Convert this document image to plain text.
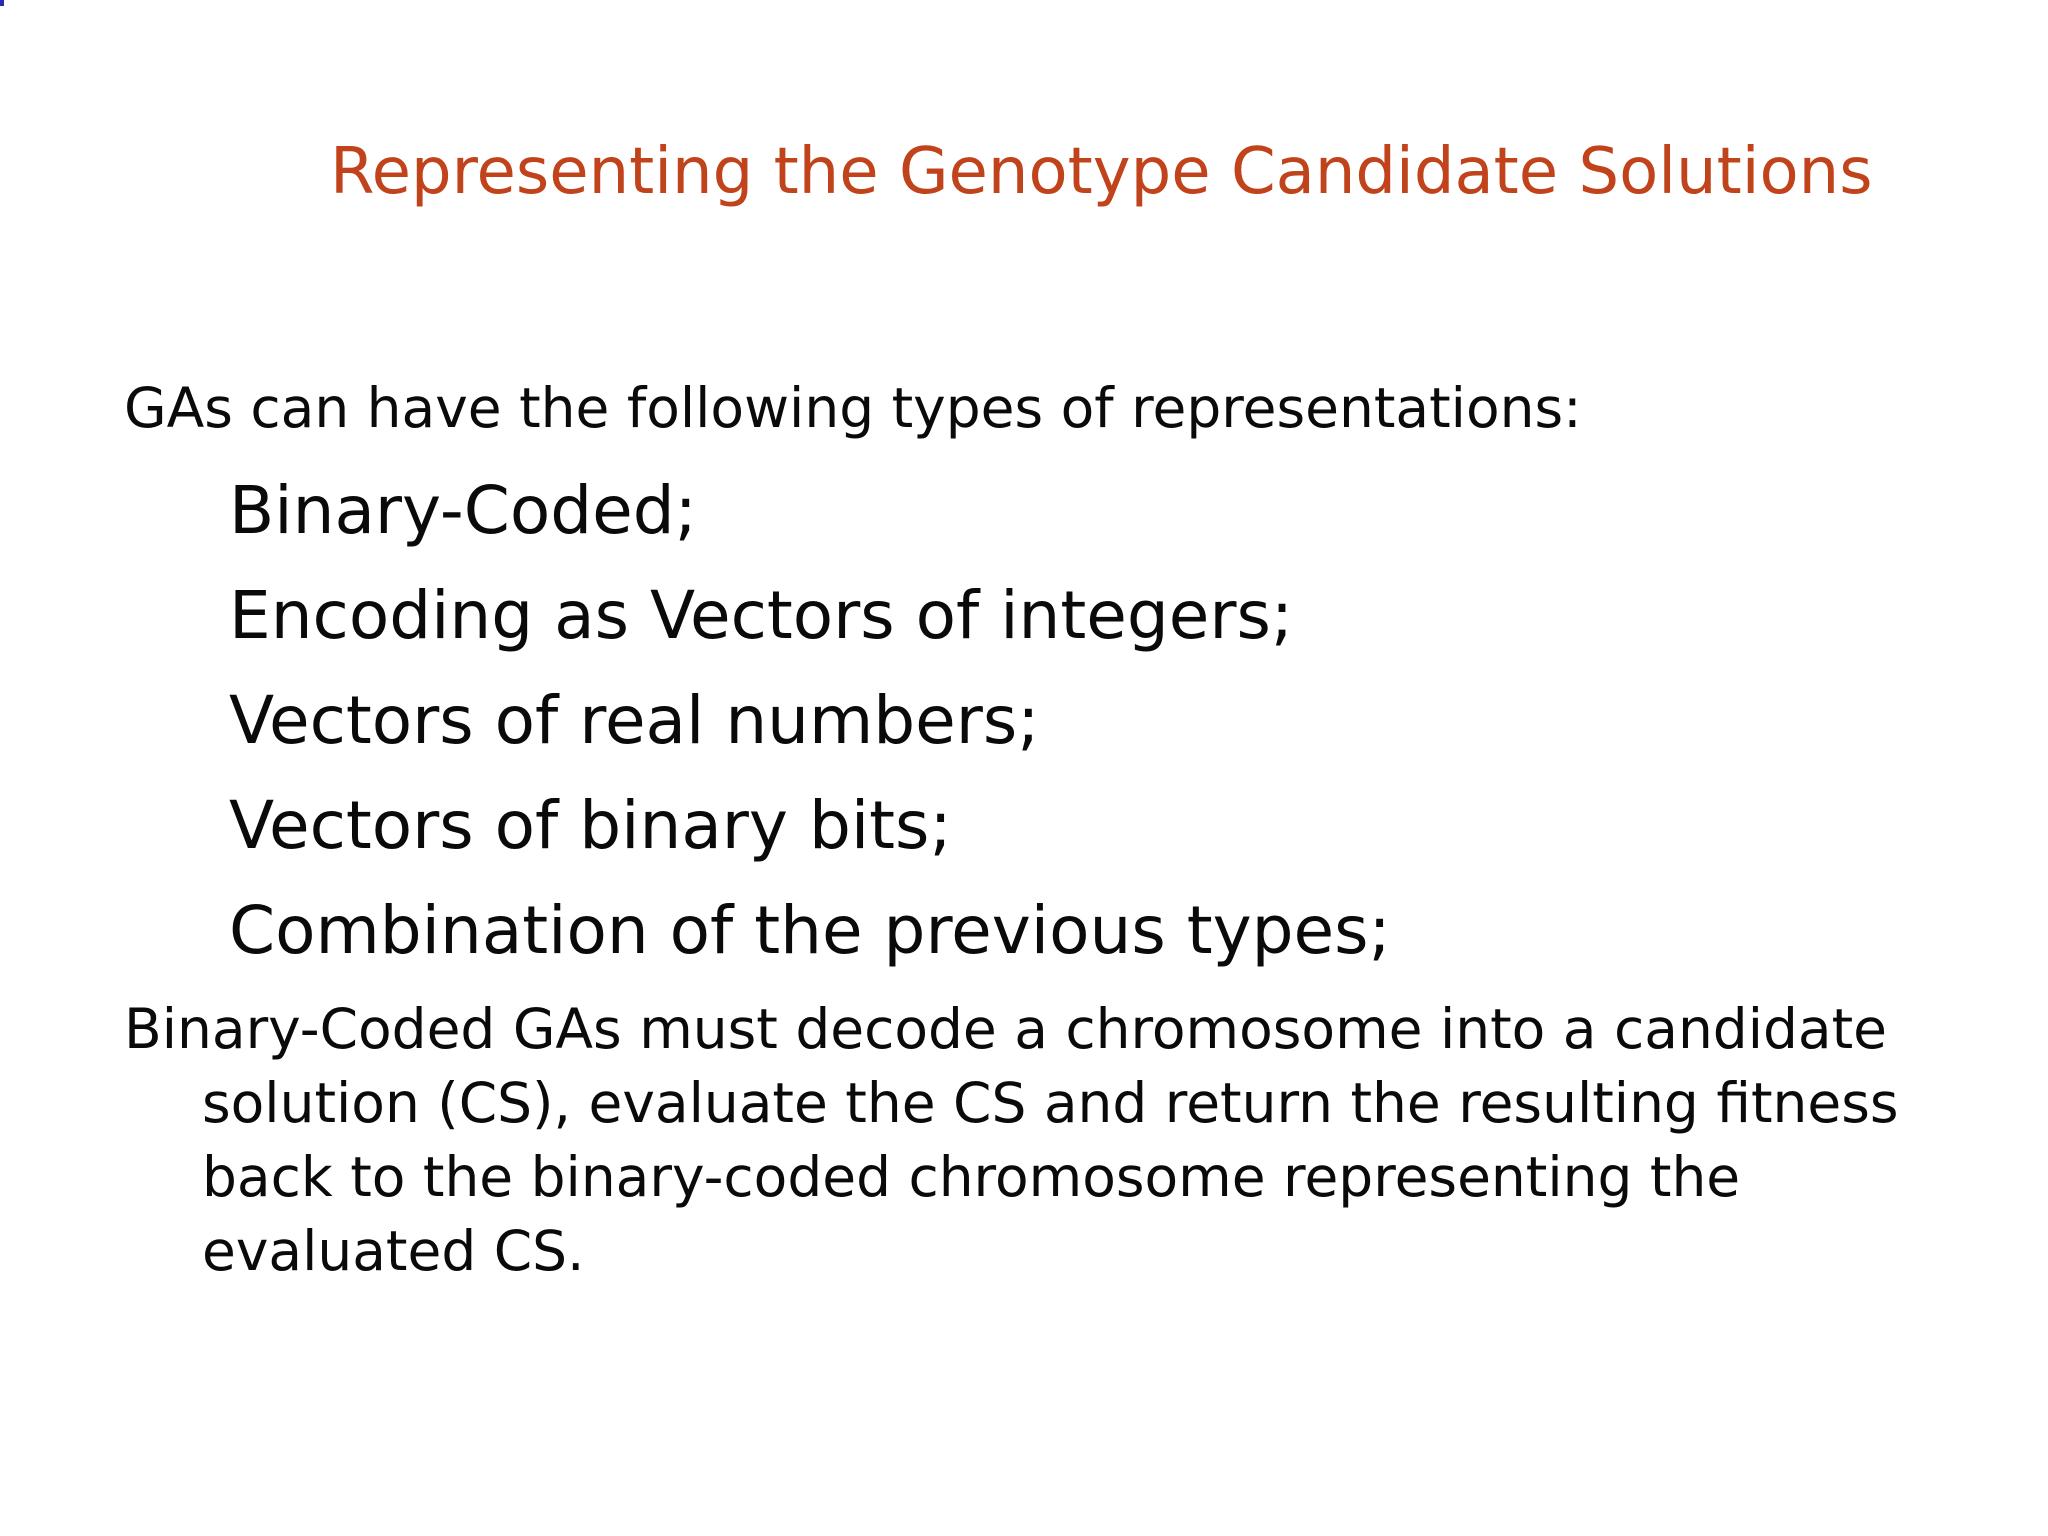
Representing the Genotype Candidate Solutions

GAs can have the following types of representations:

Binary-Coded;
Encoding as Vectors of integers;
Vectors of real numbers;
Vectors of binary bits;
Combination of the previous types;

Binary-Coded GAs must decode a chromosome into a candidate
solution (CS), evaluate the CS and return the resulting fitness
back to the binary-coded chromosome representing the
evaluated CS.
